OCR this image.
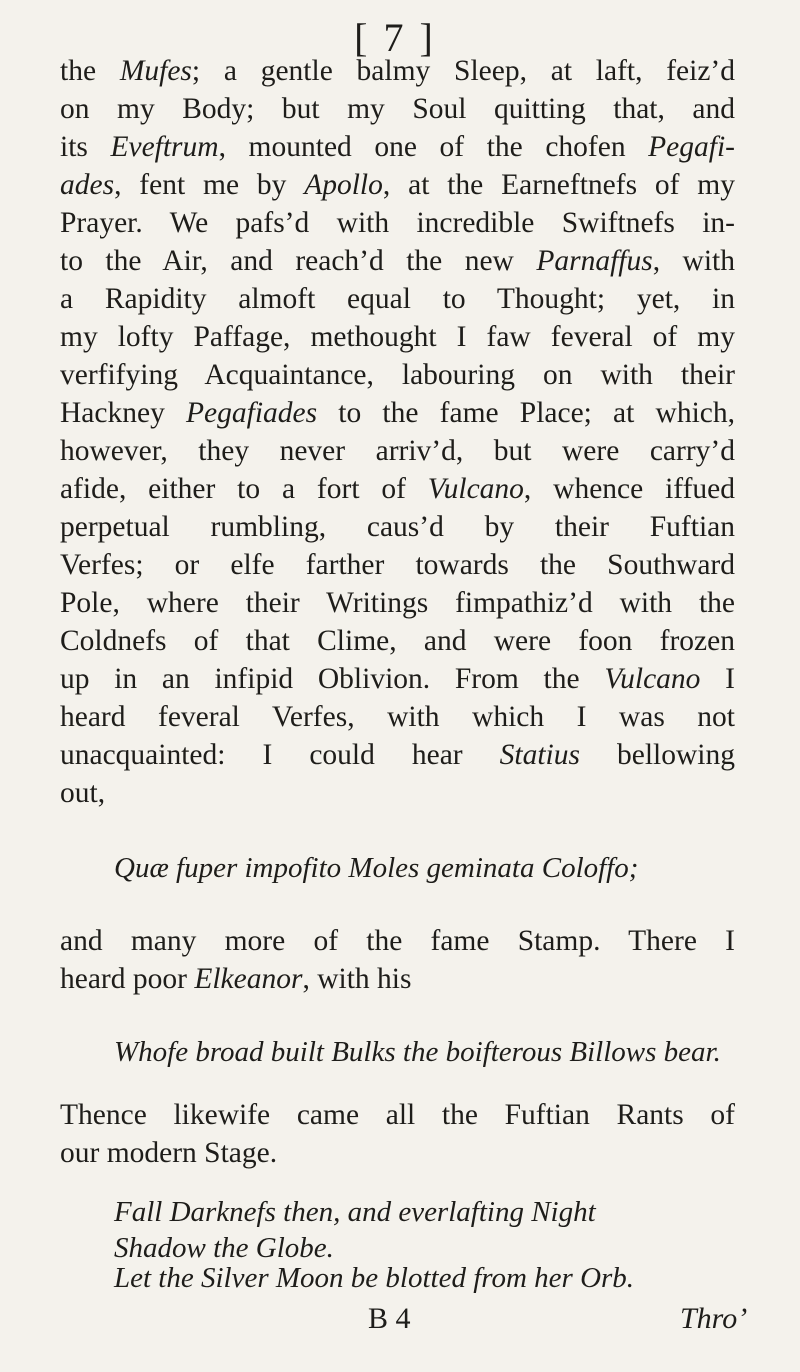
[ 7 ]
the Mufes; a gentle balmy Sleep, at laft, feiz’d
on my Body; but my Soul quitting that, and
its Eveftrum, mounted one of the chofen Pegafi-
ades, fent me by Apollo, at the Earneftnefs of my
Prayer. We pafs’d with incredible Swiftnefs in-
to the Air, and reach’d the new Parnaffus, with
a Rapidity almoft equal to Thought; yet, in
my lofty Paffage, methought I faw feveral of my
verfifying Acquaintance, labouring on with their
Hackney Pegafiades to the fame Place; at which,
however, they never arriv’d, but were carry’d
afide, either to a fort of Vulcano, whence iffued
perpetual rumbling, caus’d by their Fuftian
Verfes; or elfe farther towards the Southward
Pole, where their Writings fimpathiz’d with the
Coldnefs of that Clime, and were foon frozen
up in an infipid Oblivion. From the Vulcano I
heard feveral Verfes, with which I was not
unacquainted: I could hear Statius bellowing
out,
Quæ fuper impofito Moles geminata Coloffo;
and many more of the fame Stamp. There I
heard poor Elkeanor, with his
Whofe broad built Bulks the boifterous Billows bear.
Thence likewife came all the Fuftian Rants of
our modern Stage.
Fall Darknefs then, and everlafting Night
Shadow the Globe.
Let the Silver Moon be blotted from her Orb.
B 4	Thro’
